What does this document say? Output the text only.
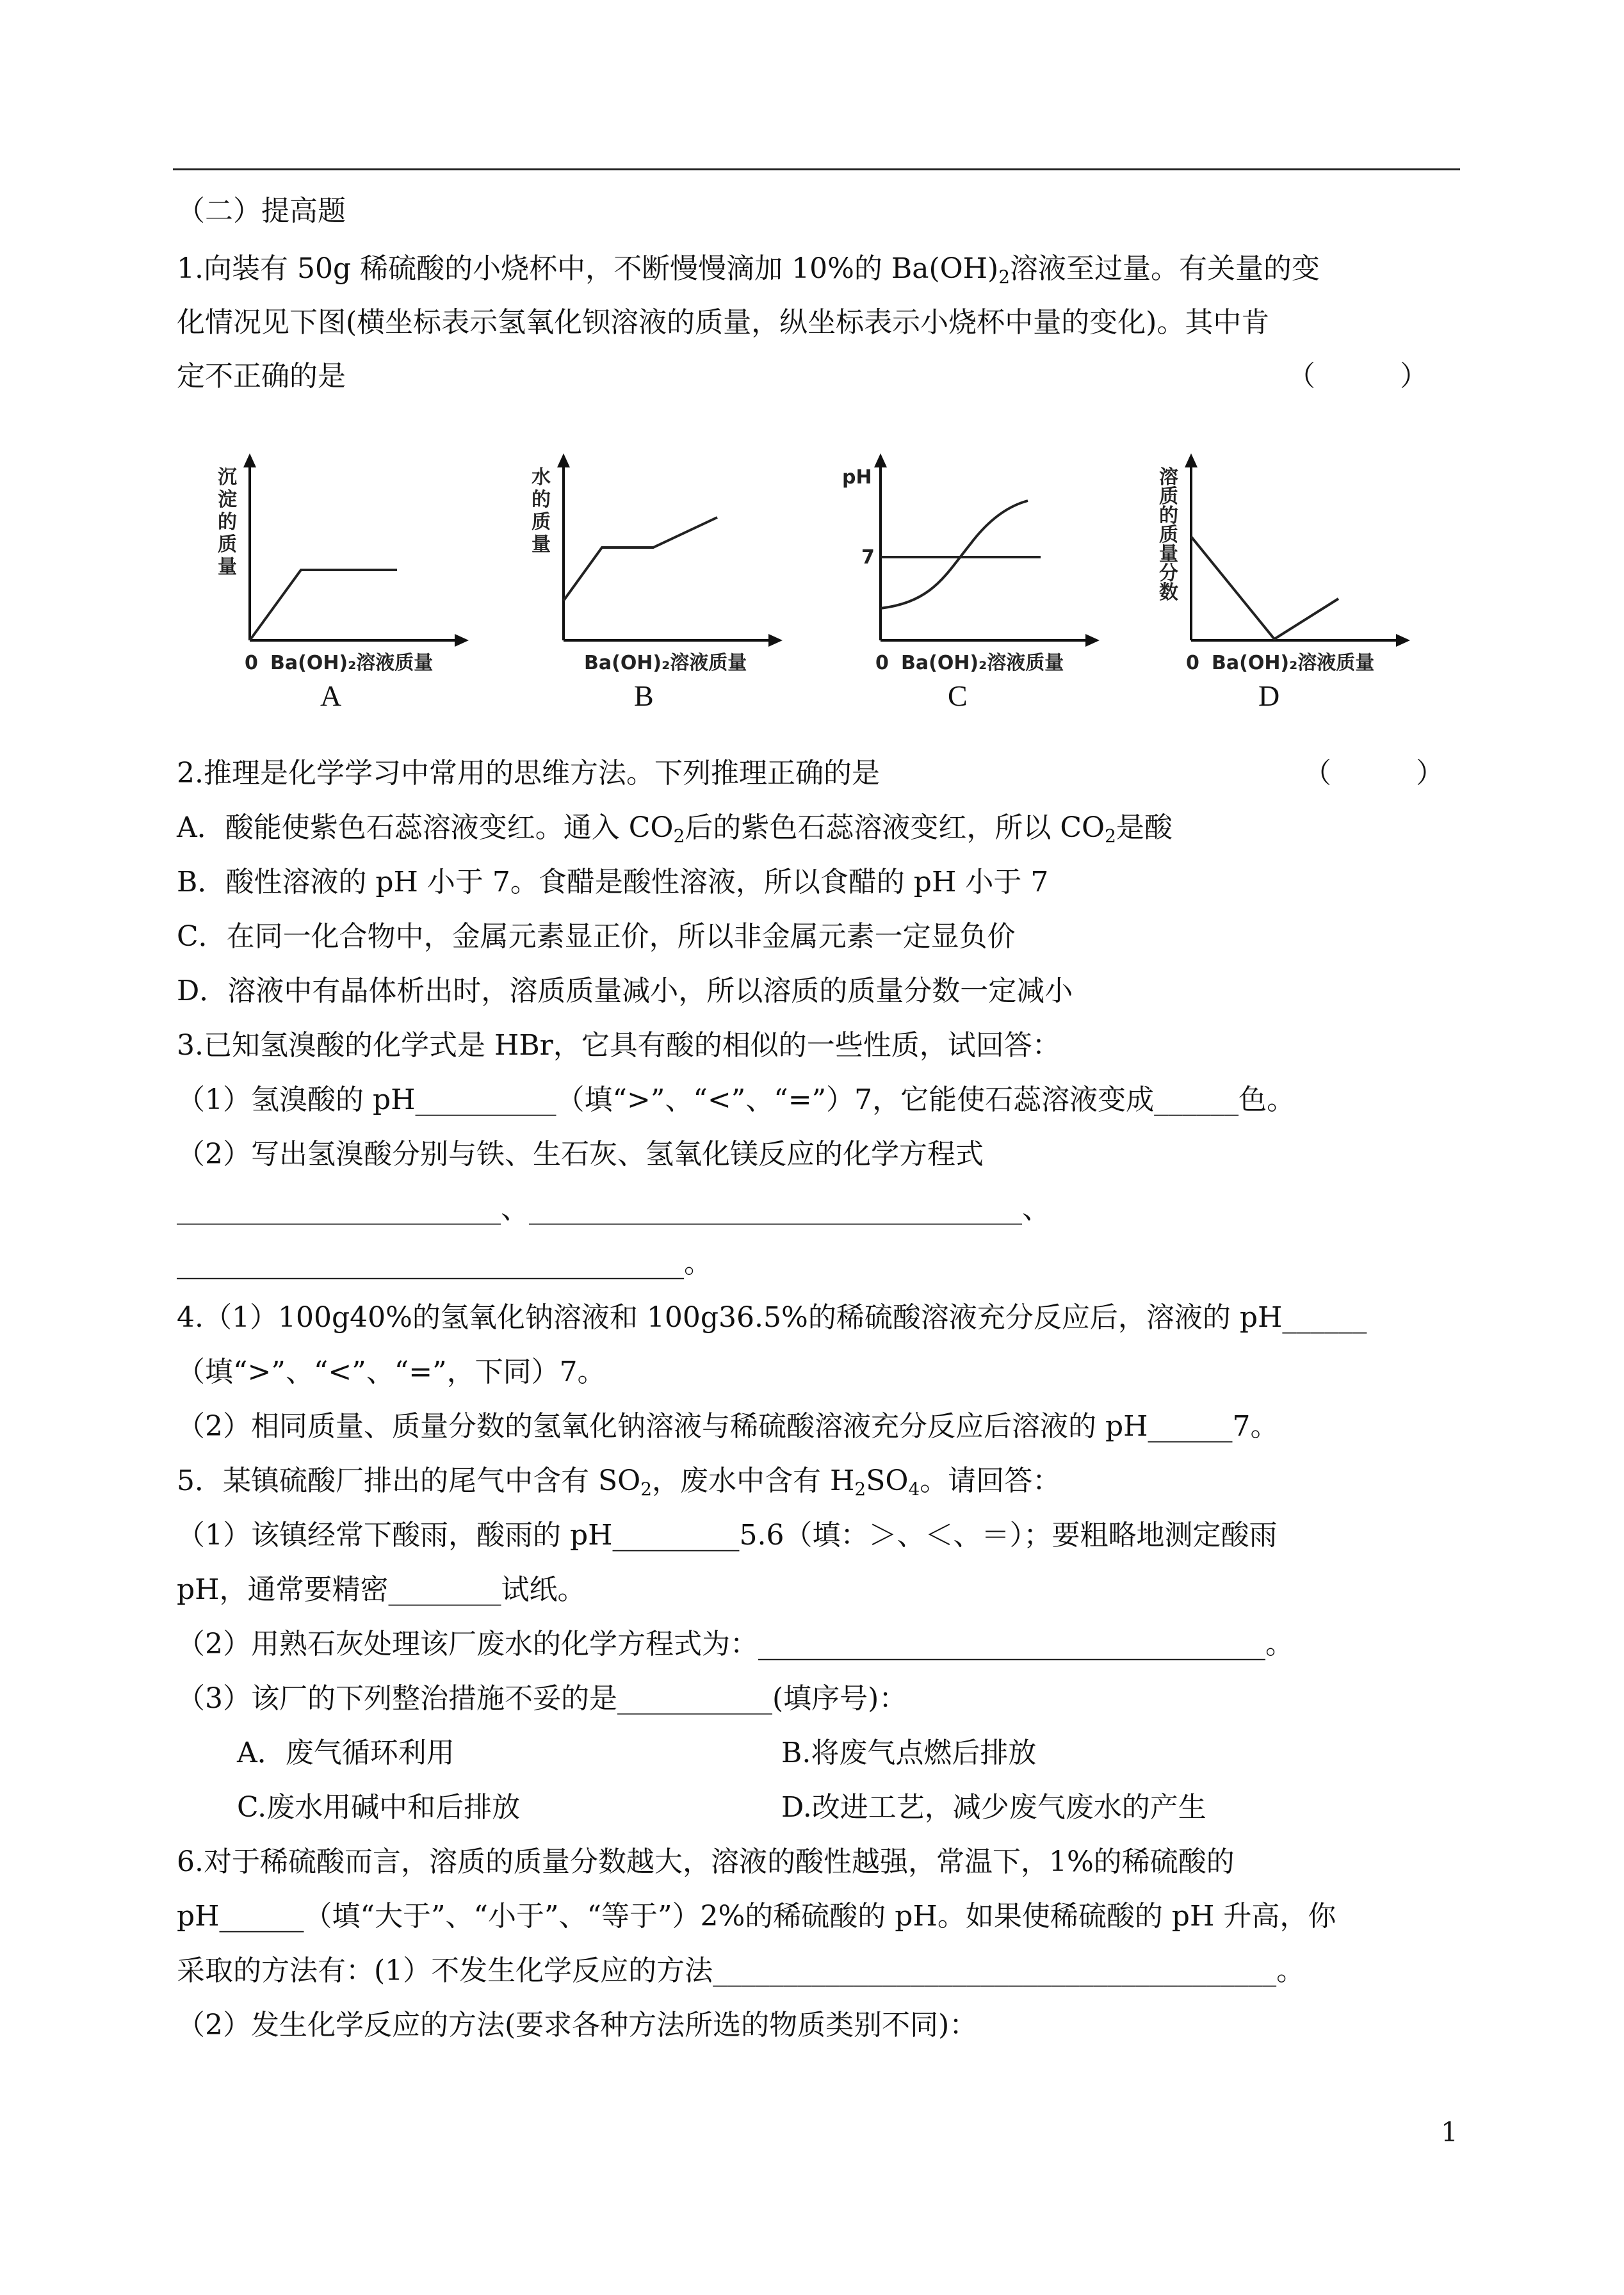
（二）提高题
1.向装有 50g 稀硫酸的小烧杯中，不断慢慢滴加 10%的 $Ba(OH)_2$溶液至过量。有关量的变
化情况见下图(横坐标表示氢氧化钡溶液的质量，纵坐标表示小烧杯中量的变化)。其中肯
定不正确的是	（　　　）
沉
淀
的
质
量
0 Ba(OH)₂溶液质量
A
水
的
质
量
Ba(OH)₂溶液质量
B
pH
7
0 Ba(OH)₂溶液质量
C
溶
质
的
质
量
分
数
0 Ba(OH)₂溶液质量
D
2.推理是化学学习中常用的思维方法。下列推理正确的是	（　　　）
A．酸能使紫色石蕊溶液变红。通入 $CO_2$后的紫色石蕊溶液变红，所以 $CO_2$是酸
B．酸性溶液的 pH 小于 7。食醋是酸性溶液，所以食醋的 pH 小于 7
C．在同一化合物中，金属元素显正价，所以非金属元素一定显负价
D．溶液中有晶体析出时，溶质质量减小，所以溶质的质量分数一定减小
3.已知氢溴酸的化学式是 HBr，它具有酸的相似的一些性质，试回答：
（1）氢溴酸的 pH__________（填“>”、“<”、“=”）7，它能使石蕊溶液变成______色。
（2）写出氢溴酸分别与铁、生石灰、氢氧化镁反应的化学方程式
_______________________、___________________________________、
____________________________________。
4.（1）100g40%的氢氧化钠溶液和 100g36.5%的稀硫酸溶液充分反应后，溶液的 pH______
（填“>”、“<”、“=”，下同）7。
（2）相同质量、质量分数的氢氧化钠溶液与稀硫酸溶液充分反应后溶液的 pH______7。
5．某镇硫酸厂排出的尾气中含有 $SO_2$，废水中含有 $H_2SO_4$。请回答：
（1）该镇经常下酸雨，酸雨的 pH_________5.6（填：＞、＜、＝）；要粗略地测定酸雨
pH，通常要精密________试纸。
（2）用熟石灰处理该厂废水的化学方程式为：____________________________________。
（3）该厂的下列整治措施不妥的是___________(填序号)：
A．废气循环利用	B.将废气点燃后排放
C.废水用碱中和后排放	D.改进工艺，减少废气废水的产生
6.对于稀硫酸而言，溶质的质量分数越大，溶液的酸性越强，常温下，1%的稀硫酸的
pH______（填“大于”、“小于”、“等于”）2%的稀硫酸的 pH。如果使稀硫酸的 pH 升高，你
采取的方法有：(1）不发生化学反应的方法________________________________________。
（2）发生化学反应的方法(要求各种方法所选的物质类别不同)：
1
